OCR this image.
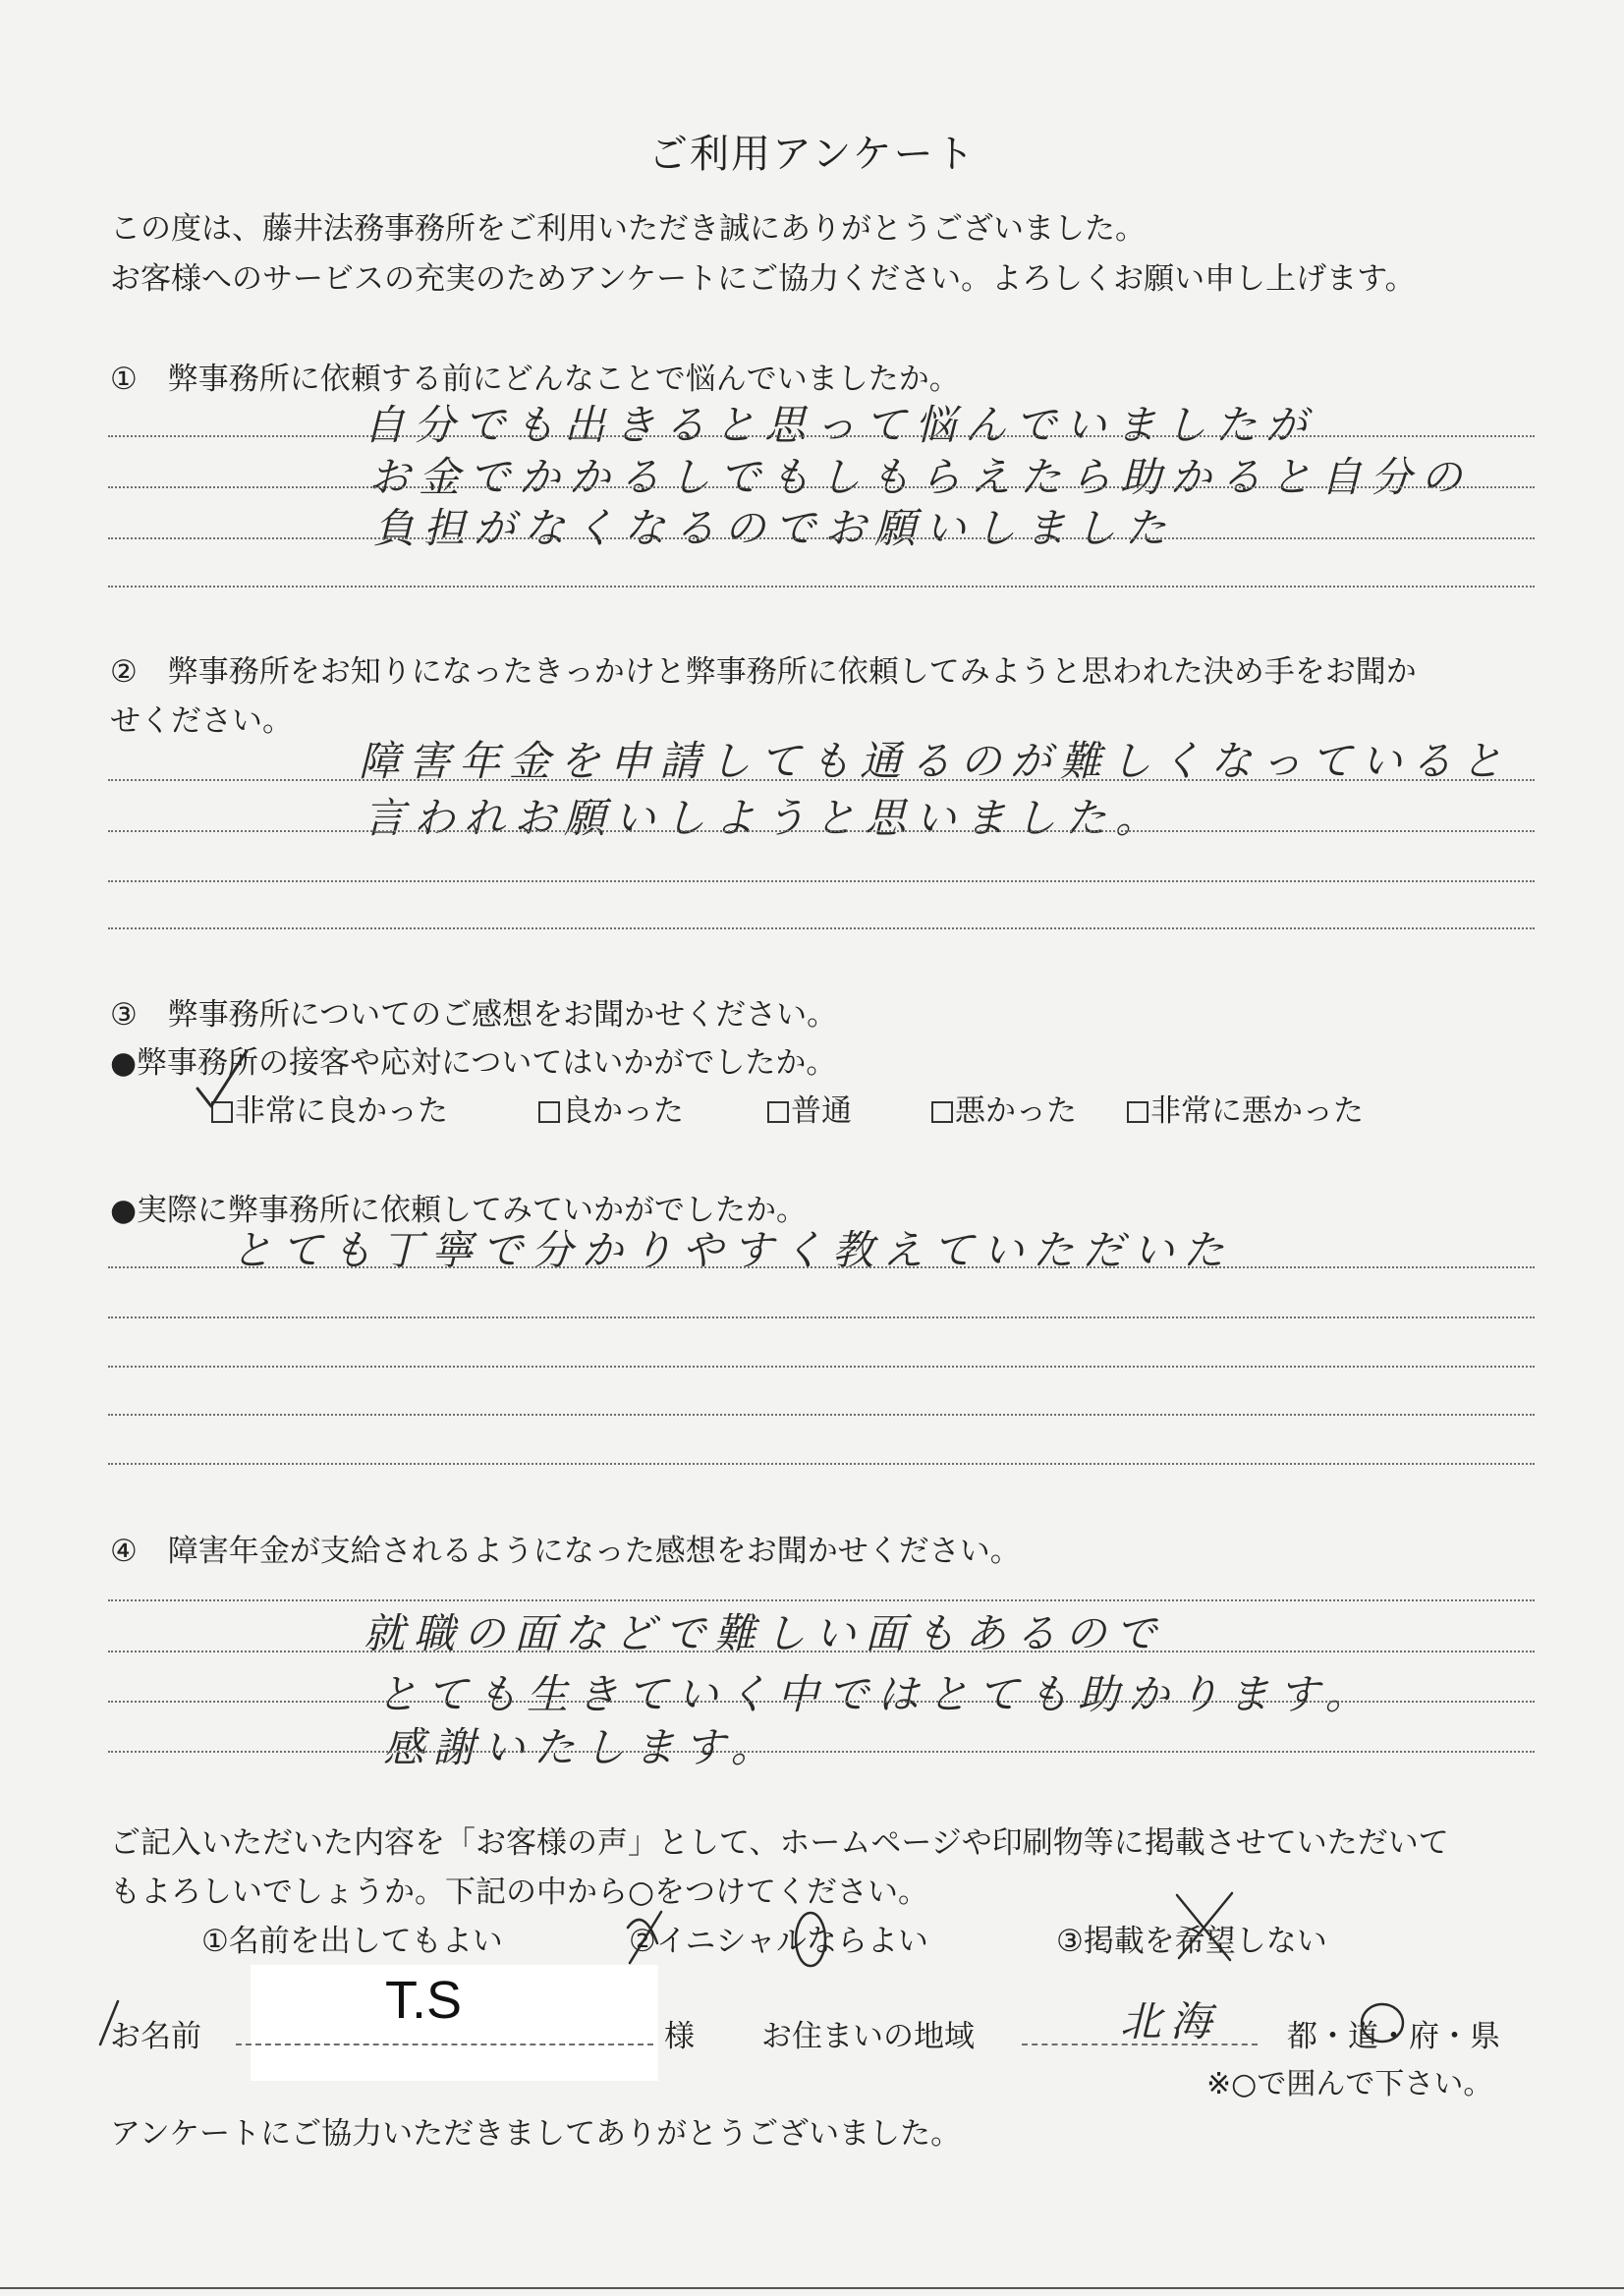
ご利用アンケート
この度は、藤井法務事務所をご利用いただき誠にありがとうございました。
お客様へのサービスの充実のためアンケートにご協力ください。よろしくお願い申し上げます。
①　弊事務所に依頼する前にどんなことで悩んでいましたか。
自分でも出きると思って悩んでいましたが
お金でかかるしでもしもらえたら助かると自分の
負担がなくなるのでお願いしました
②　弊事務所をお知りになったきっかけと弊事務所に依頼してみようと思われた決め手をお聞か
せください。
障害年金を申請しても通るのが難しくなっていると
言われお願いしようと思いました。
③　弊事務所についてのご感想をお聞かせください。
●弊事務所の接客や応対についてはいかがでしたか。
非常に良かった	良かった	普通	悪かった	非常に悪かった
●実際に弊事務所に依頼してみていかがでしたか。
とても丁寧で分かりやすく教えていただいた
④　障害年金が支給されるようになった感想をお聞かせください。
就職の面などで難しい面もあるので
とても生きていく中ではとても助かります。
感謝いたします。
ご記入いただいた内容を「お客様の声」として、ホームページや印刷物等に掲載させていただいて
もよろしいでしょうか。下記の中から○をつけてください。
①名前を出してもよい	②イニシャルならよい	③掲載を希望しない
お名前
T.S
様 お住まいの地域	北海 都・道・府・県
※○で囲んで下さい。
アンケートにご協力いただきましてありがとうございました。
